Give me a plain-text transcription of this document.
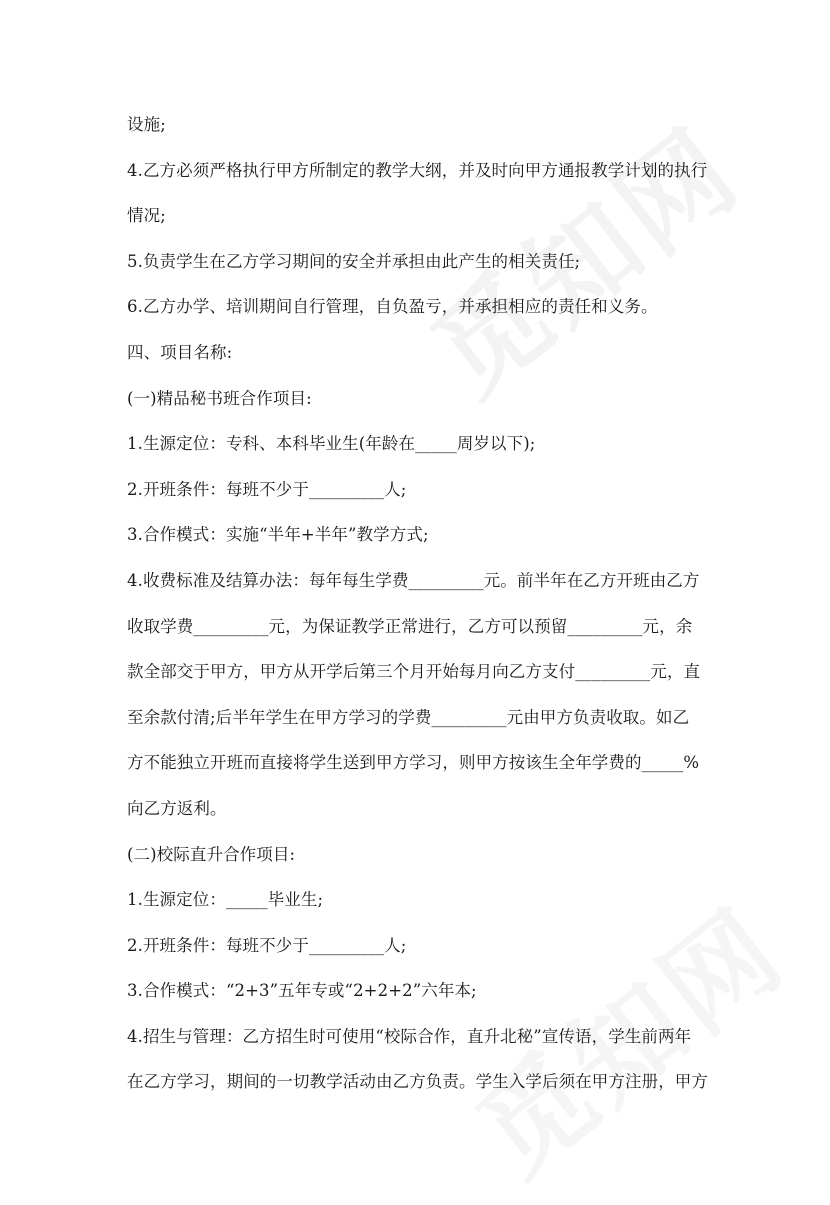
设施;
4.乙方必须严格执行甲方所制定的教学大纲，并及时向甲方通报教学计划的执行
情况;
5.负责学生在乙方学习期间的安全并承担由此产生的相关责任;
6.乙方办学、培训期间自行管理，自负盈亏，并承担相应的责任和义务。
四、项目名称:
(一)精品秘书班合作项目:
1.生源定位：专科、本科毕业生(年龄在_____周岁以下);
2.开班条件：每班不少于_________人;
3.合作模式：实施“半年+半年”教学方式;
4.收费标准及结算办法：每年每生学费_________元。前半年在乙方开班由乙方
收取学费_________元，为保证教学正常进行，乙方可以预留_________元，余
款全部交于甲方，甲方从开学后第三个月开始每月向乙方支付_________元，直
至余款付清;后半年学生在甲方学习的学费_________元由甲方负责收取。如乙
方不能独立开班而直接将学生送到甲方学习，则甲方按该生全年学费的_____%
向乙方返利。
(二)校际直升合作项目:
1.生源定位：_____毕业生;
2.开班条件：每班不少于_________人;
3.合作模式：“2+3”五年专或“2+2+2”六年本;
4.招生与管理：乙方招生时可使用“校际合作，直升北秘”宣传语，学生前两年
在乙方学习，期间的一切教学活动由乙方负责。学生入学后须在甲方注册，甲方
